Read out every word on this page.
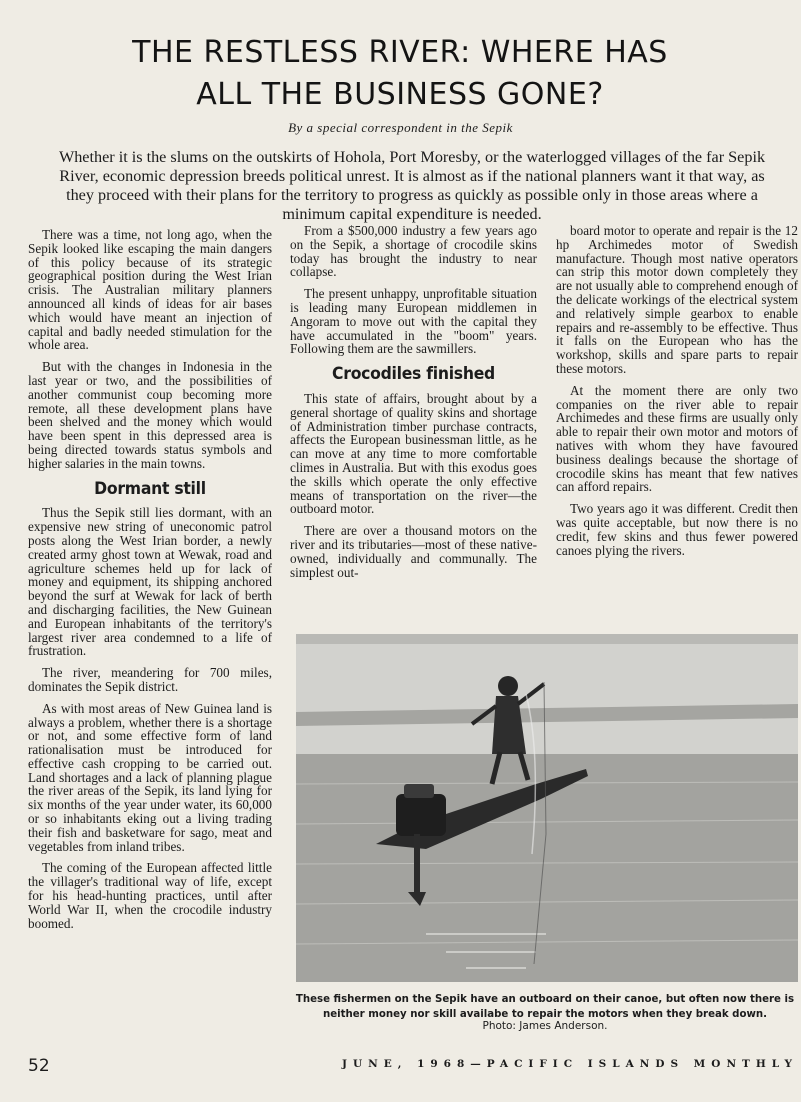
THE RESTLESS RIVER: WHERE HAS
ALL THE BUSINESS GONE?
By a special correspondent in the Sepik
Whether it is the slums on the outskirts of Hohola, Port Moresby, or the waterlogged villages of the far Sepik River, economic depression breeds political unrest. It is almost as if the national planners want it that way, as they proceed with their plans for the territory to progress as quickly as possible only in those areas where a minimum capital expenditure is needed.

There was a time, not long ago, when the Sepik looked like escaping the main dangers of this policy because of its strategic geographical position during the West Irian crisis. The Australian military planners announced all kinds of ideas for air bases which would have meant an injection of capital and badly needed stimulation for the whole area.

But with the changes in Indonesia in the last year or two, and the possibilities of another communist coup becoming more remote, all these development plans have been shelved and the money which would have been spent in this depressed area is being directed towards status symbols and higher salaries in the main towns.

Dormant still

Thus the Sepik still lies dormant, with an expensive new string of uneconomic patrol posts along the West Irian border, a newly created army ghost town at Wewak, road and agriculture schemes held up for lack of money and equipment, its shipping anchored beyond the surf at Wewak for lack of berth and discharging facilities, the New Guinean and European inhabitants of the territory's largest river area condemned to a life of frustration.

The river, meandering for 700 miles, dominates the Sepik district.

As with most areas of New Guinea land is always a problem, whether there is a shortage or not, and some effective form of land rationalisation must be introduced for effective cash cropping to be carried out. Land shortages and a lack of planning plague the river areas of the Sepik, its land lying for six months of the year under water, its 60,000 or so inhabitants eking out a living trading their fish and basketware for sago, meat and vegetables from inland tribes.

The coming of the European affected little the villager's traditional way of life, except for his head-hunting practices, until after World War II, when the crocodile industry boomed.

From a $500,000 industry a few years ago on the Sepik, a shortage of crocodile skins today has brought the industry to near collapse.

The present unhappy, unprofitable situation is leading many European middlemen in Angoram to move out with the capital they have accumulated in the "boom" years. Following them are the sawmillers.

Crocodiles finished

This state of affairs, brought about by a general shortage of quality skins and shortage of Administration timber purchase contracts, affects the European businessman little, as he can move at any time to more comfortable climes in Australia. But with this exodus goes the skills which operate the only effective means of transportation on the river—the outboard motor.

There are over a thousand motors on the river and its tributaries—most of these native-owned, individually and communally. The simplest out-

board motor to operate and repair is the 12 hp Archimedes motor of Swedish manufacture. Though most native operators can strip this motor down completely they are not usually able to comprehend enough of the delicate workings of the electrical system and relatively simple gearbox to enable repairs and re-assembly to be effective. Thus it falls on the European who has the workshop, skills and spare parts to repair these motors.

At the moment there are only two companies on the river able to repair Archimedes and these firms are usually only able to repair their own motor and motors of natives with whom they have favoured business dealings because the shortage of crocodile skins has meant that few natives can afford repairs.

Two years ago it was different. Credit then was quite acceptable, but now there is no credit, few skins and thus fewer powered canoes plying the rivers.

These fishermen on the Sepik have an outboard on their canoe, but often now there is neither money nor skill availabe to repair the motors when they break down.
Photo: James Anderson.
52	JUNE, 1968—PACIFIC ISLANDS MONTHLY
